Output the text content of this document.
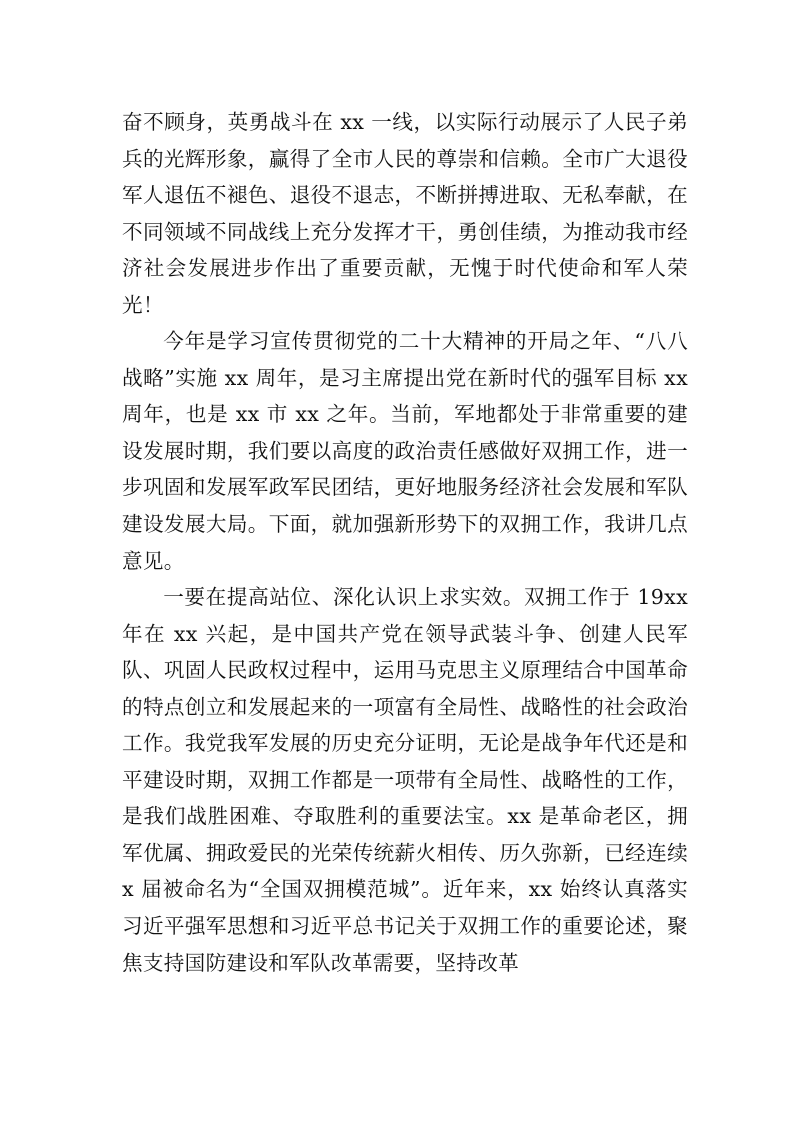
奋不顾身，英勇战斗在 xx 一线，以实际行动展示了人民子弟兵的光辉形象，赢得了全市人民的尊崇和信赖。全市广大退役军人退伍不褪色、退役不退志，不断拼搏进取、无私奉献，在不同领域不同战线上充分发挥才干，勇创佳绩，为推动我市经济社会发展进步作出了重要贡献，无愧于时代使命和军人荣光！

今年是学习宣传贯彻党的二十大精神的开局之年、“八八战略”实施 xx 周年，是习主席提出党在新时代的强军目标 xx 周年，也是 xx 市 xx 之年。当前，军地都处于非常重要的建设发展时期，我们要以高度的政治责任感做好双拥工作，进一步巩固和发展军政军民团结，更好地服务经济社会发展和军队建设发展大局。下面，就加强新形势下的双拥工作，我讲几点意见。

一要在提高站位、深化认识上求实效。双拥工作于 19xx 年在 xx 兴起，是中国共产党在领导武装斗争、创建人民军队、巩固人民政权过程中，运用马克思主义原理结合中国革命的特点创立和发展起来的一项富有全局性、战略性的社会政治工作。我党我军发展的历史充分证明，无论是战争年代还是和平建设时期，双拥工作都是一项带有全局性、战略性的工作，是我们战胜困难、夺取胜利的重要法宝。xx 是革命老区，拥军优属、拥政爱民的光荣传统薪火相传、历久弥新，已经连续 x 届被命名为“全国双拥模范城”。近年来，xx 始终认真落实习近平强军思想和习近平总书记关于双拥工作的重要论述，聚焦支持国防建设和军队改革需要，坚持改革
